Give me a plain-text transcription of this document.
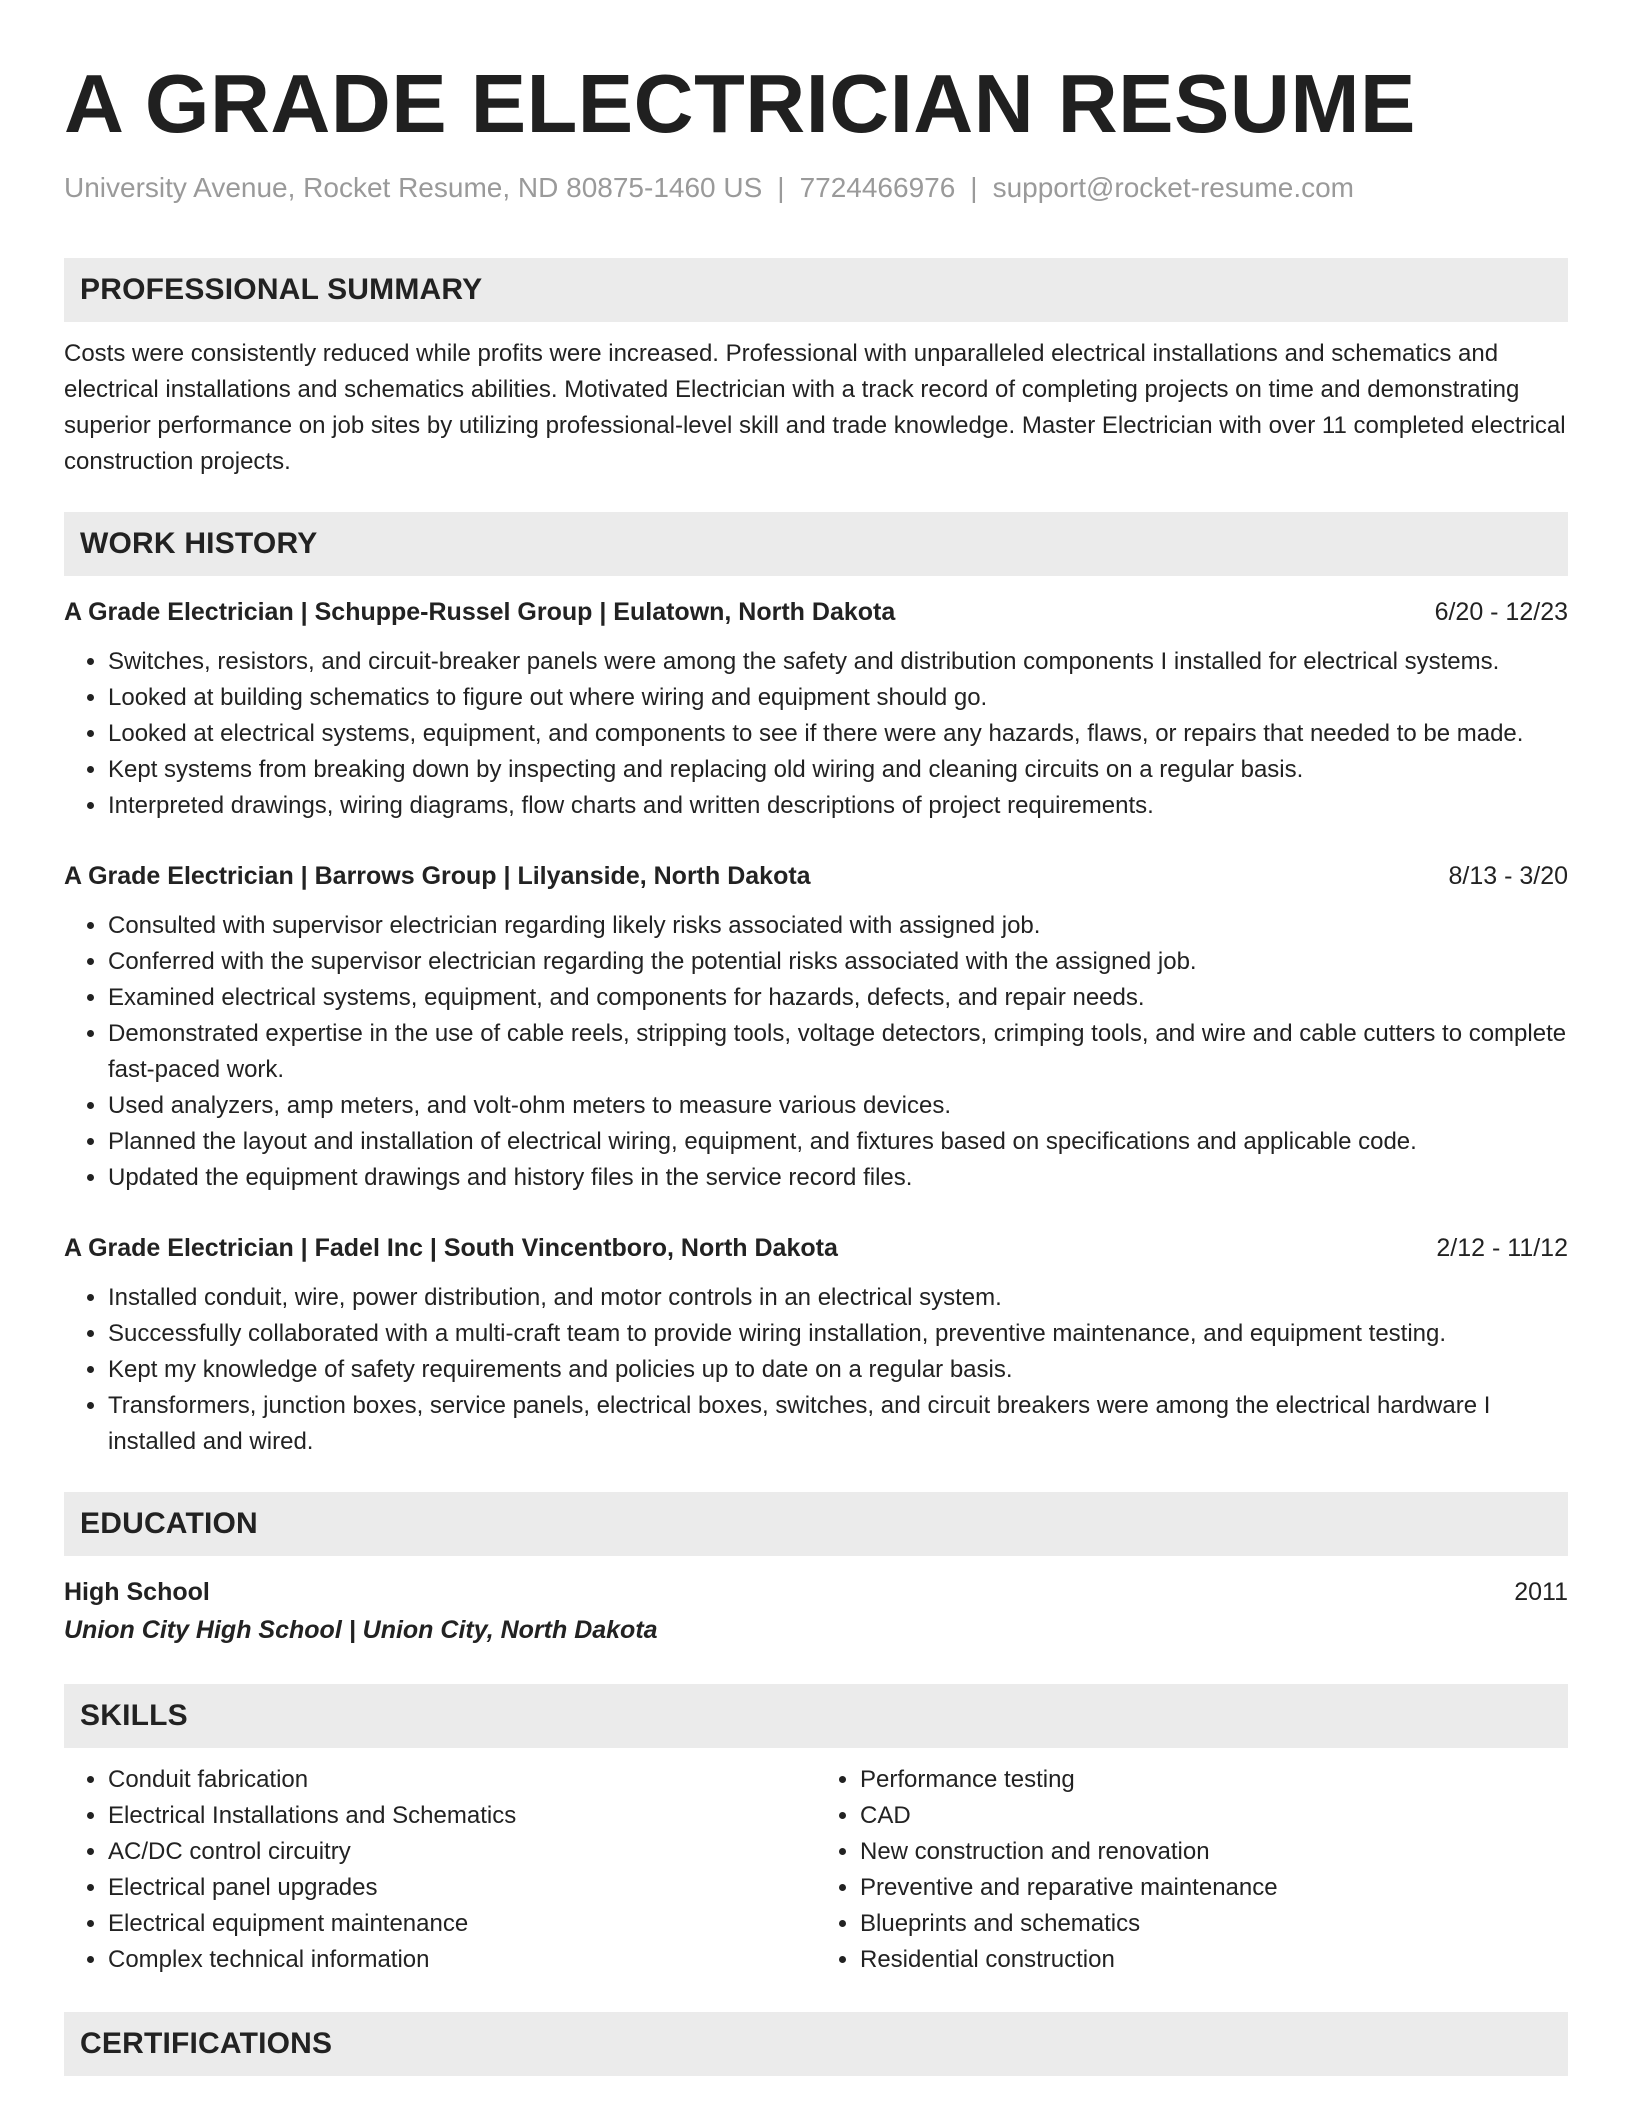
A GRADE ELECTRICIAN RESUME
University Avenue, Rocket Resume, ND 80875-1460 US | 7724466976 | support@rocket-resume.com
PROFESSIONAL SUMMARY
Costs were consistently reduced while profits were increased. Professional with unparalleled electrical installations and schematics and electrical installations and schematics abilities. Motivated Electrician with a track record of completing projects on time and demonstrating superior performance on job sites by utilizing professional-level skill and trade knowledge. Master Electrician with over 11 completed electrical construction projects.
WORK HISTORY
A Grade Electrician | Schuppe-Russel Group | Eulatown, North Dakota	6/20 - 12/23
• Switches, resistors, and circuit-breaker panels were among the safety and distribution components I installed for electrical systems.
• Looked at building schematics to figure out where wiring and equipment should go.
• Looked at electrical systems, equipment, and components to see if there were any hazards, flaws, or repairs that needed to be made.
• Kept systems from breaking down by inspecting and replacing old wiring and cleaning circuits on a regular basis.
• Interpreted drawings, wiring diagrams, flow charts and written descriptions of project requirements.
A Grade Electrician | Barrows Group | Lilyanside, North Dakota	8/13 - 3/20
• Consulted with supervisor electrician regarding likely risks associated with assigned job.
• Conferred with the supervisor electrician regarding the potential risks associated with the assigned job.
• Examined electrical systems, equipment, and components for hazards, defects, and repair needs.
• Demonstrated expertise in the use of cable reels, stripping tools, voltage detectors, crimping tools, and wire and cable cutters to complete fast-paced work.
• Used analyzers, amp meters, and volt-ohm meters to measure various devices.
• Planned the layout and installation of electrical wiring, equipment, and fixtures based on specifications and applicable code.
• Updated the equipment drawings and history files in the service record files.
A Grade Electrician | Fadel Inc | South Vincentboro, North Dakota	2/12 - 11/12
• Installed conduit, wire, power distribution, and motor controls in an electrical system.
• Successfully collaborated with a multi-craft team to provide wiring installation, preventive maintenance, and equipment testing.
• Kept my knowledge of safety requirements and policies up to date on a regular basis.
• Transformers, junction boxes, service panels, electrical boxes, switches, and circuit breakers were among the electrical hardware I installed and wired.
EDUCATION
High School	2011
Union City High School | Union City, North Dakota
SKILLS
• Conduit fabrication
• Electrical Installations and Schematics
• AC/DC control circuitry
• Electrical panel upgrades
• Electrical equipment maintenance
• Complex technical information
• Performance testing
• CAD
• New construction and renovation
• Preventive and reparative maintenance
• Blueprints and schematics
• Residential construction
CERTIFICATIONS
